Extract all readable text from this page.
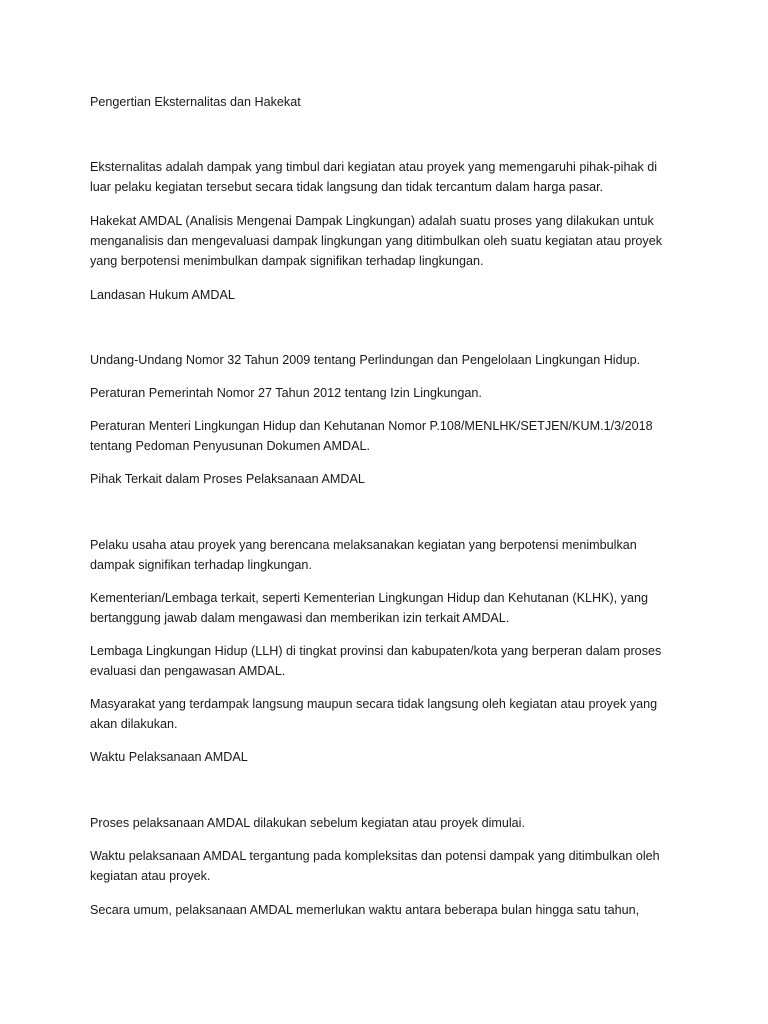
Pengertian Eksternalitas dan Hakekat

Eksternalitas adalah dampak yang timbul dari kegiatan atau proyek yang memengaruhi pihak-pihak di

luar pelaku kegiatan tersebut secara tidak langsung dan tidak tercantum dalam harga pasar.

Hakekat AMDAL (Analisis Mengenai Dampak Lingkungan) adalah suatu proses yang dilakukan untuk

menganalisis dan mengevaluasi dampak lingkungan yang ditimbulkan oleh suatu kegiatan atau proyek

yang berpotensi menimbulkan dampak signifikan terhadap lingkungan.

Landasan Hukum AMDAL

Undang-Undang Nomor 32 Tahun 2009 tentang Perlindungan dan Pengelolaan Lingkungan Hidup.

Peraturan Pemerintah Nomor 27 Tahun 2012 tentang Izin Lingkungan.

Peraturan Menteri Lingkungan Hidup dan Kehutanan Nomor P.108/MENLHK/SETJEN/KUM.1/3/2018

tentang Pedoman Penyusunan Dokumen AMDAL.

Pihak Terkait dalam Proses Pelaksanaan AMDAL

Pelaku usaha atau proyek yang berencana melaksanakan kegiatan yang berpotensi menimbulkan

dampak signifikan terhadap lingkungan.

Kementerian/Lembaga terkait, seperti Kementerian Lingkungan Hidup dan Kehutanan (KLHK), yang

bertanggung jawab dalam mengawasi dan memberikan izin terkait AMDAL.

Lembaga Lingkungan Hidup (LLH) di tingkat provinsi dan kabupaten/kota yang berperan dalam proses

evaluasi dan pengawasan AMDAL.

Masyarakat yang terdampak langsung maupun secara tidak langsung oleh kegiatan atau proyek yang

akan dilakukan.

Waktu Pelaksanaan AMDAL

Proses pelaksanaan AMDAL dilakukan sebelum kegiatan atau proyek dimulai.

Waktu pelaksanaan AMDAL tergantung pada kompleksitas dan potensi dampak yang ditimbulkan oleh

kegiatan atau proyek.

Secara umum, pelaksanaan AMDAL memerlukan waktu antara beberapa bulan hingga satu tahun,
